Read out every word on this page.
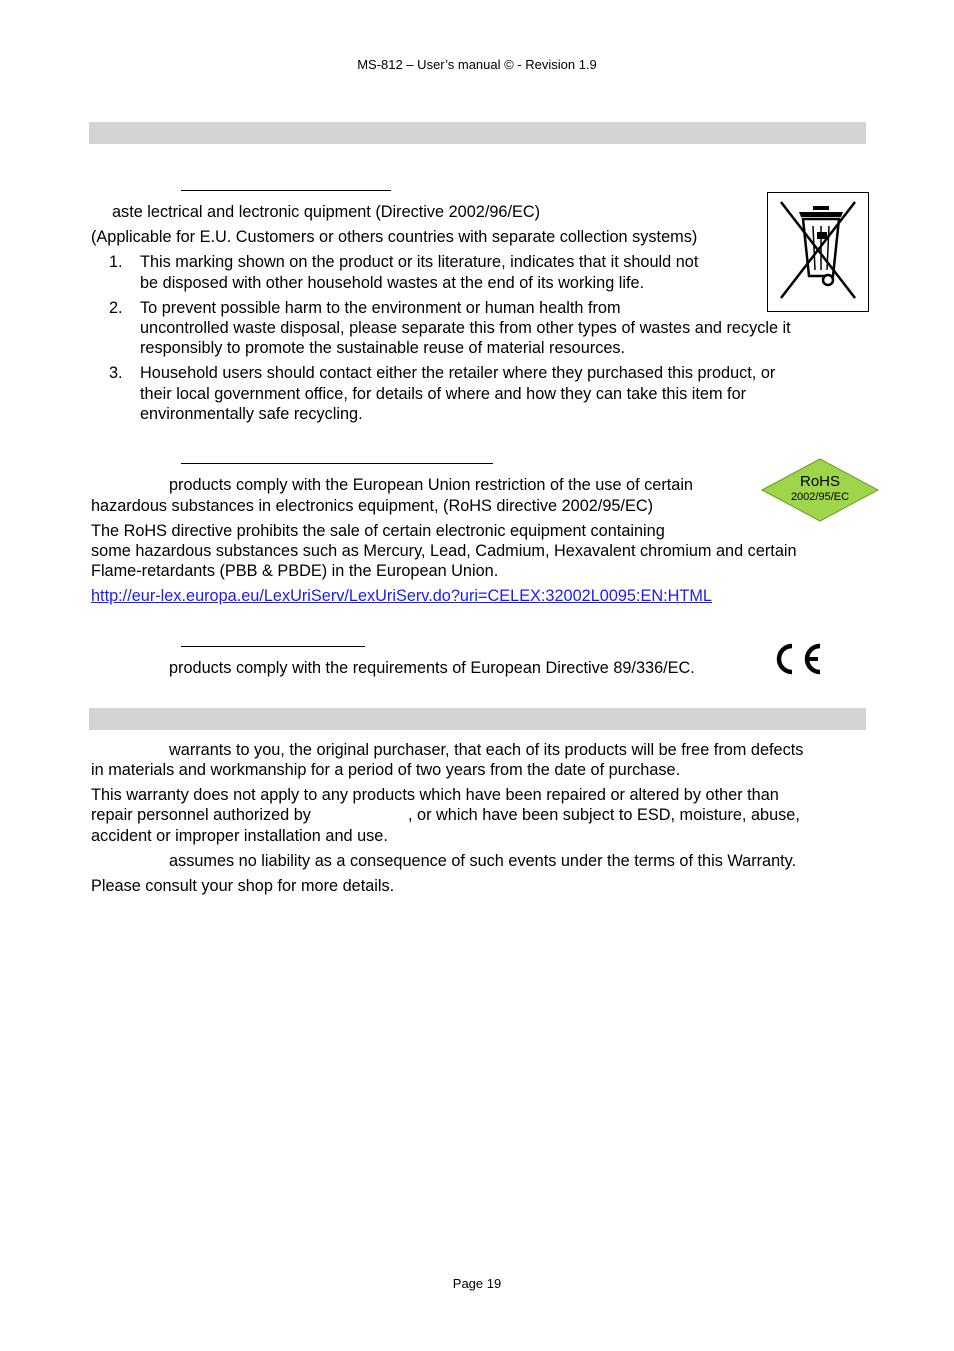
MS-812 – User’s manual © - Revision 1.9
aste lectrical and lectronic quipment (Directive 2002/96/EC)
(Applicable for E.U. Customers or others countries with separate collection systems)
1. This marking shown on the product or its literature, indicates that it should not
be disposed with other household wastes at the end of its working life.
2. To prevent possible harm to the environment or human health from
uncontrolled waste disposal, please separate this from other types of wastes and recycle it
responsibly to promote the sustainable reuse of material resources.
3. Household users should contact either the retailer where they purchased this product, or
their local government office, for details of where and how they can take this item for
environmentally safe recycling.
products comply with the European Union restriction of the use of certain
hazardous substances in electronics equipment, (RoHS directive 2002/95/EC)
The RoHS directive prohibits the sale of certain electronic equipment containing
some hazardous substances such as Mercury, Lead, Cadmium, Hexavalent chromium and certain
Flame-retardants (PBB & PBDE) in the European Union.
http://eur-lex.europa.eu/LexUriServ/LexUriServ.do?uri=CELEX:32002L0095:EN:HTML
RoHS
2002/95/EC
products comply with the requirements of European Directive 89/336/EC.
warrants to you, the original purchaser, that each of its products will be free from defects
in materials and workmanship for a period of two years from the date of purchase.
This warranty does not apply to any products which have been repaired or altered by other than
repair personnel authorized by	, or which have been subject to ESD, moisture, abuse,
accident or improper installation and use.
assumes no liability as a consequence of such events under the terms of this Warranty.
Please consult your shop for more details.
Page 19
